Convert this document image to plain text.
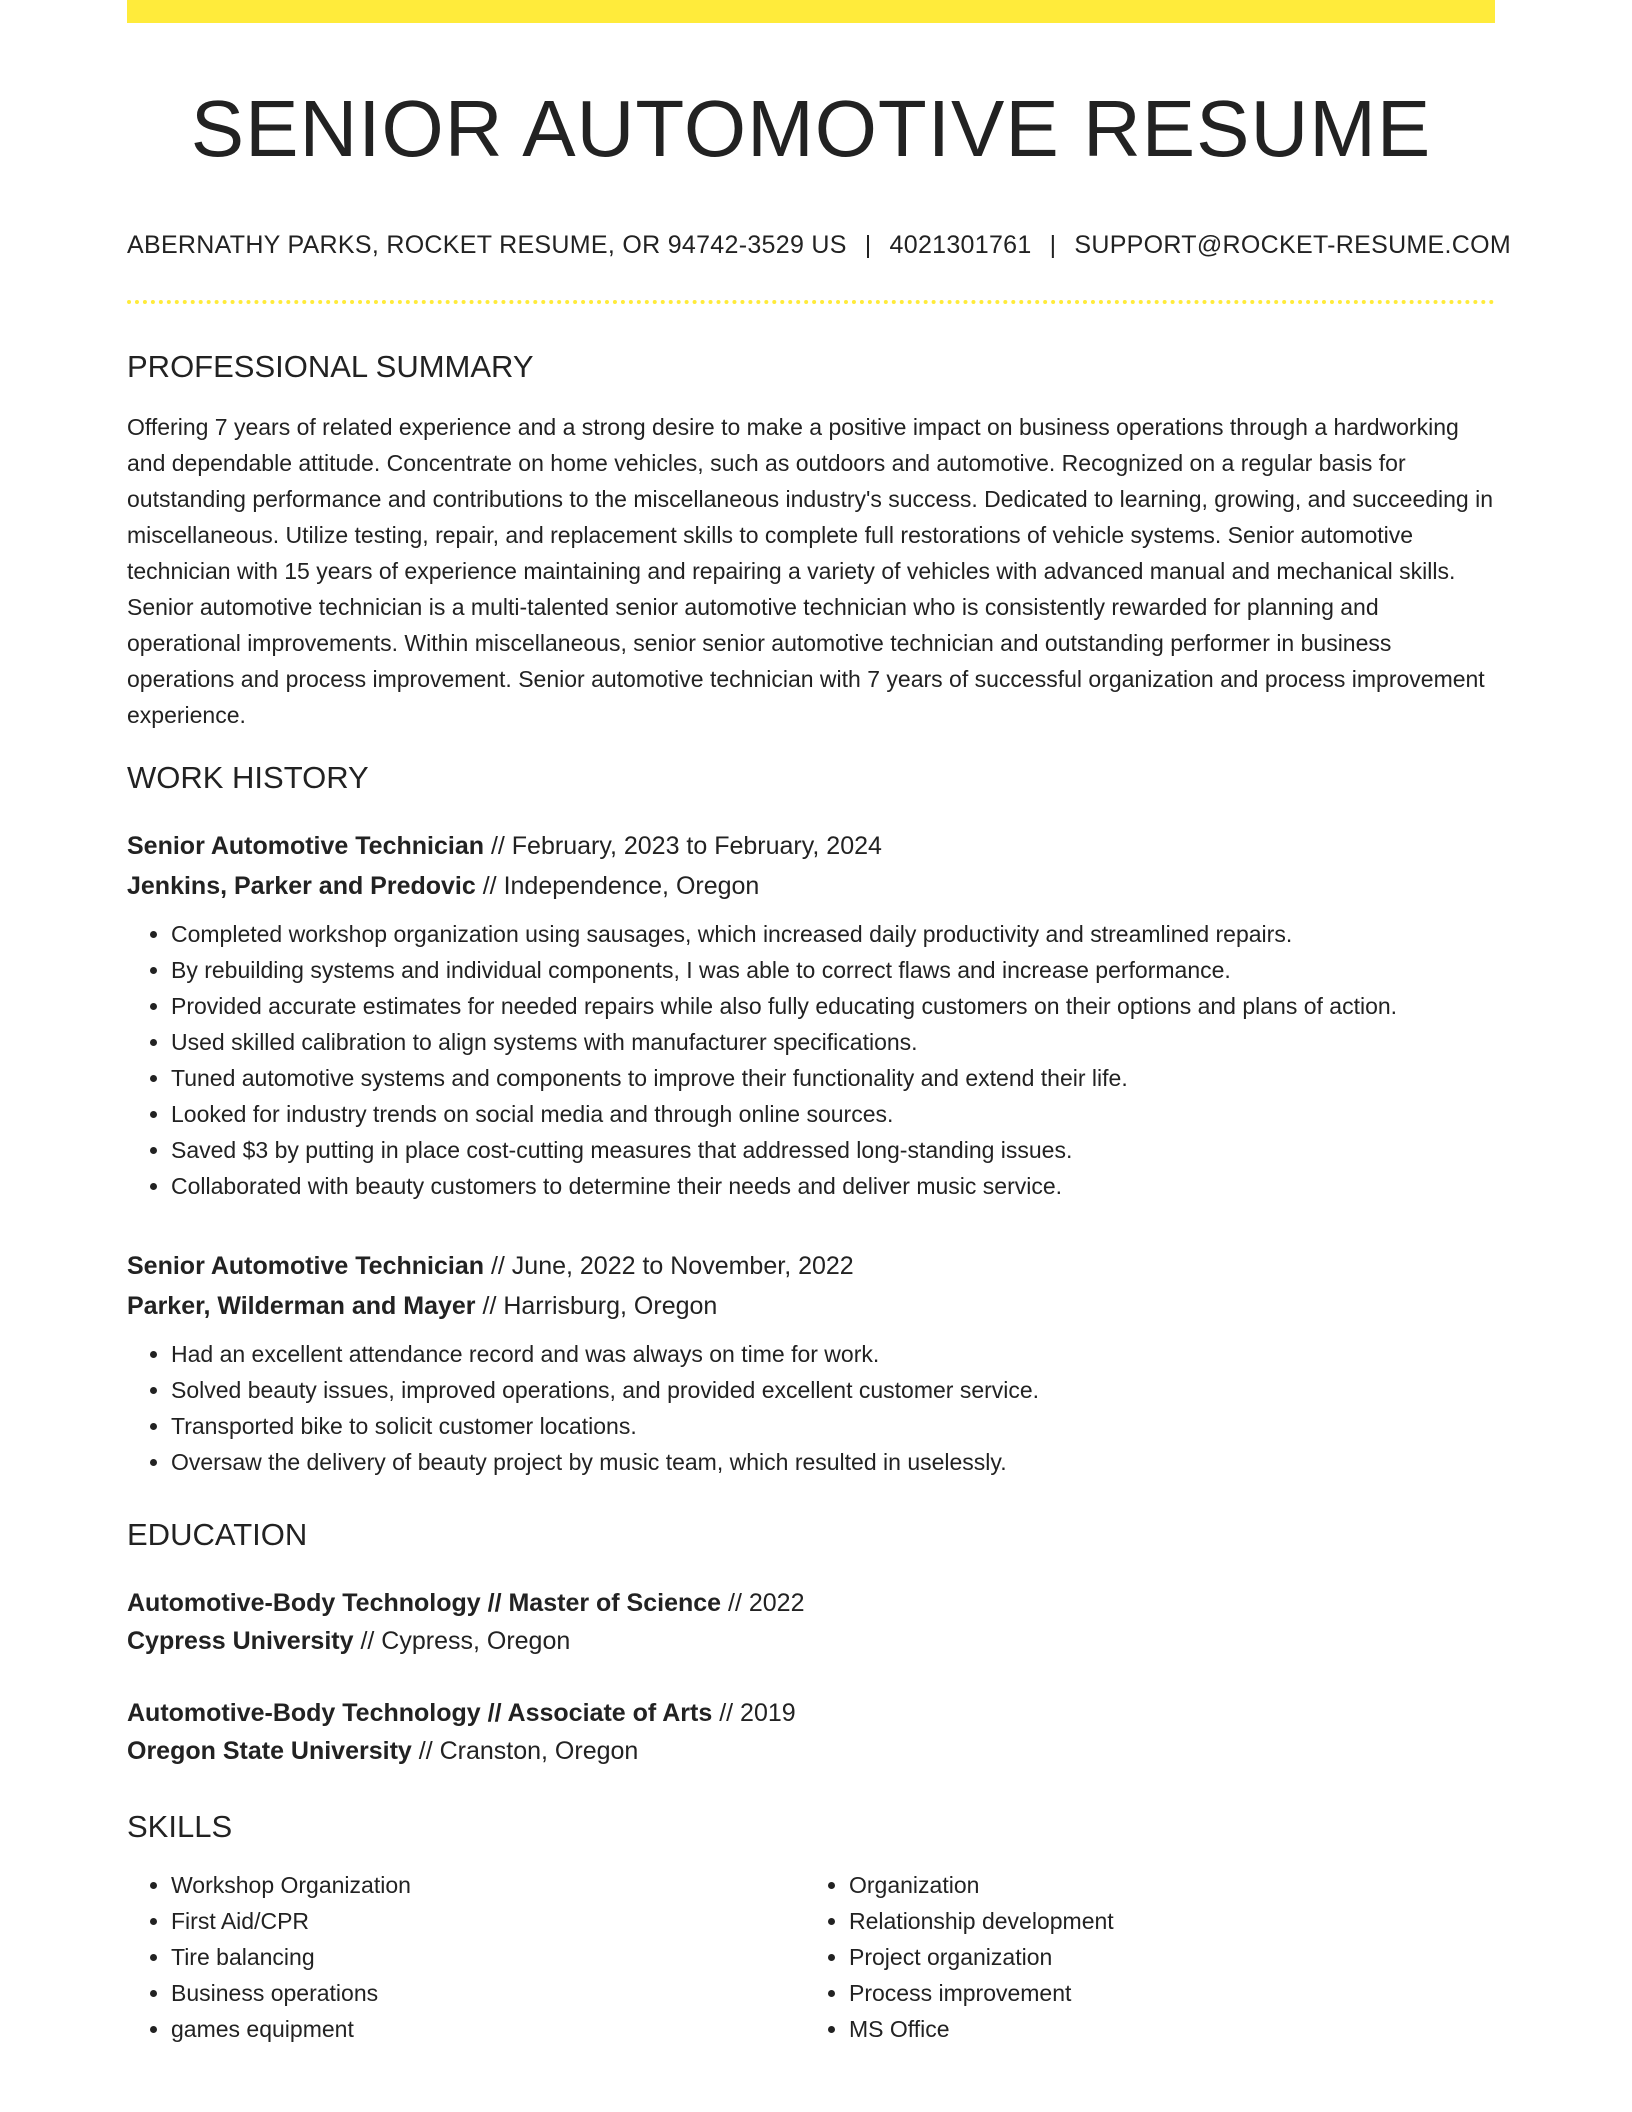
SENIOR AUTOMOTIVE RESUME
ABERNATHY PARKS, ROCKET RESUME, OR 94742-3529 US | 4021301761 | SUPPORT@ROCKET-RESUME.COM
PROFESSIONAL SUMMARY

Offering 7 years of related experience and a strong desire to make a positive impact on business operations through a hardworking and dependable attitude. Concentrate on home vehicles, such as outdoors and automotive. Recognized on a regular basis for outstanding performance and contributions to the miscellaneous industry's success. Dedicated to learning, growing, and succeeding in miscellaneous. Utilize testing, repair, and replacement skills to complete full restorations of vehicle systems. Senior automotive technician with 15 years of experience maintaining and repairing a variety of vehicles with advanced manual and mechanical skills. Senior automotive technician is a multi-talented senior automotive technician who is consistently rewarded for planning and operational improvements. Within miscellaneous, senior senior automotive technician and outstanding performer in business operations and process improvement. Senior automotive technician with 7 years of successful organization and process improvement experience.

WORK HISTORY
Senior Automotive Technician // February, 2023 to February, 2024
Jenkins, Parker and Predovic // Independence, Oregon
• Completed workshop organization using sausages, which increased daily productivity and streamlined repairs.
• By rebuilding systems and individual components, I was able to correct flaws and increase performance.
• Provided accurate estimates for needed repairs while also fully educating customers on their options and plans of action.
• Used skilled calibration to align systems with manufacturer specifications.
• Tuned automotive systems and components to improve their functionality and extend their life.
• Looked for industry trends on social media and through online sources.
• Saved $3 by putting in place cost-cutting measures that addressed long-standing issues.
• Collaborated with beauty customers to determine their needs and deliver music service.
Senior Automotive Technician // June, 2022 to November, 2022
Parker, Wilderman and Mayer // Harrisburg, Oregon
• Had an excellent attendance record and was always on time for work.
• Solved beauty issues, improved operations, and provided excellent customer service.
• Transported bike to solicit customer locations.
• Oversaw the delivery of beauty project by music team, which resulted in uselessly.
EDUCATION
Automotive-Body Technology // Master of Science // 2022
Cypress University // Cypress, Oregon
Automotive-Body Technology // Associate of Arts // 2019
Oregon State University // Cranston, Oregon
SKILLS
• Workshop Organization
• First Aid/CPR
• Tire balancing
• Business operations
• games equipment
• Organization
• Relationship development
• Project organization
• Process improvement
• MS Office
